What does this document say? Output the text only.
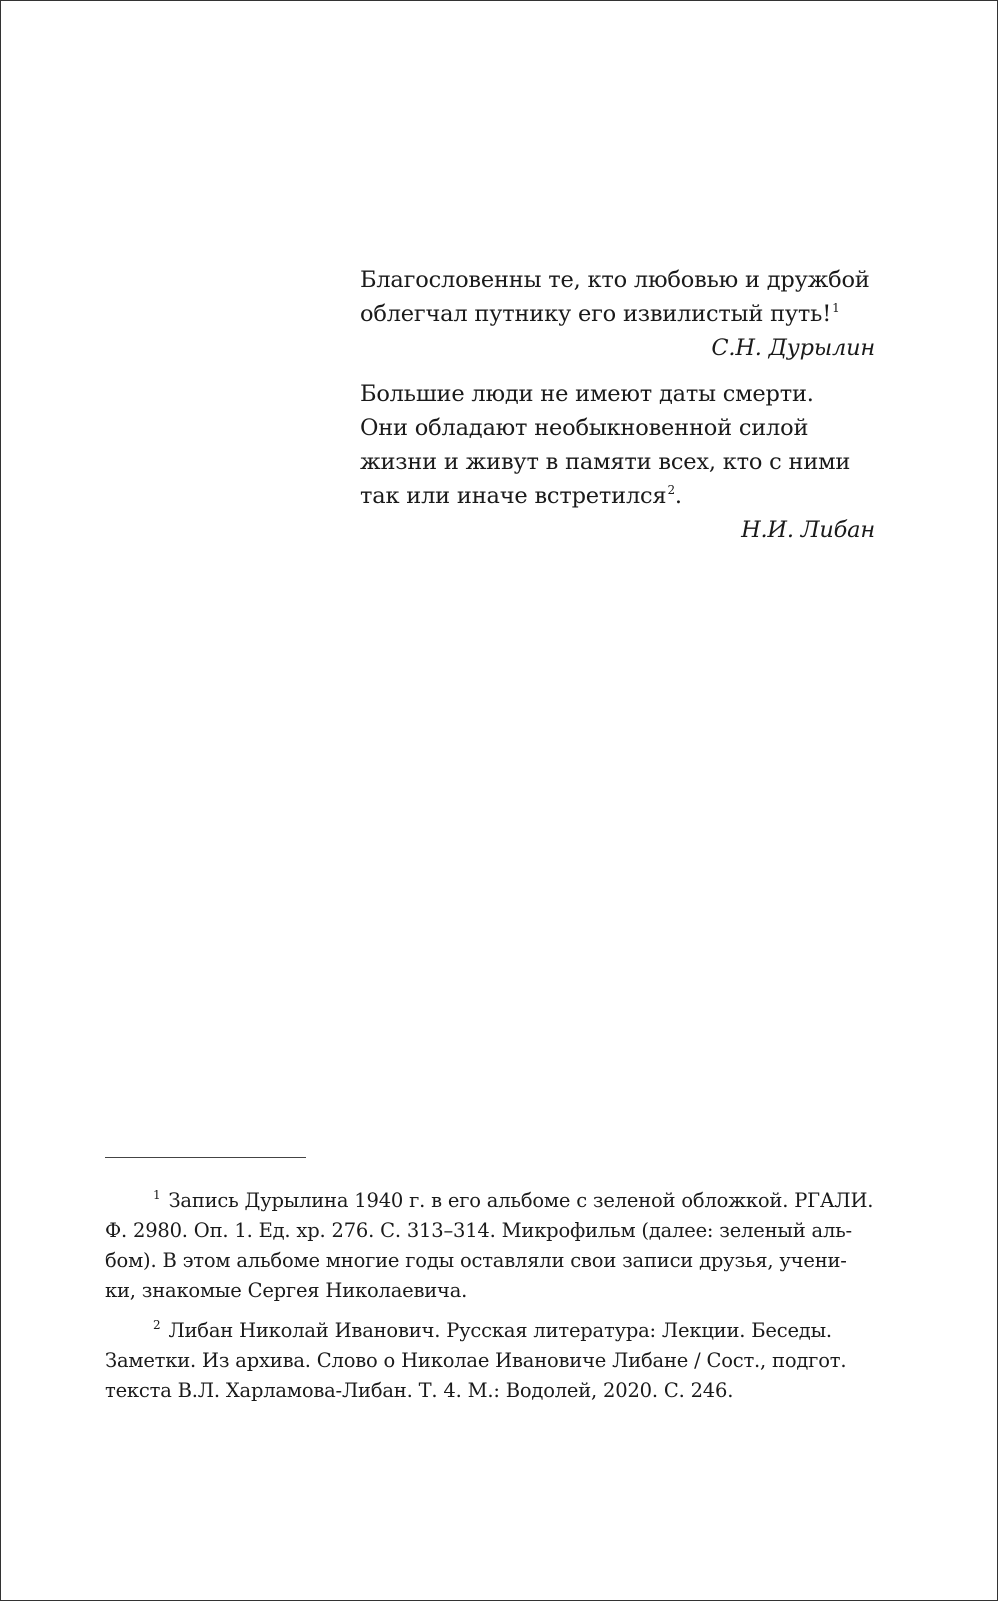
Благословенны те, кто любовью и дружбой
облегчал путнику его извилистый путь!$^1$
С.Н. Дурылин
Большие люди не имеют даты смерти.
Они обладают необыкновенной силой
жизни и живут в памяти всех, кто с ними
так или иначе встретился$^2$.
Н.И. Либан
$^1$ Запись Дурылина 1940 г. в его альбоме с зеленой обложкой. РГАЛИ.
Ф. 2980. Оп. 1. Ед. хр. 276. С. 313–314. Микрофильм (далее: зеленый аль-
бом). В этом альбоме многие годы оставляли свои записи друзья, учени-
ки, знакомые Сергея Николаевича.
$^2$ Либан Николай Иванович. Русская литература: Лекции. Беседы.
Заметки. Из архива. Слово о Николае Ивановиче Либане / Сост., подгот.
текста В.Л. Харламова-Либан. Т. 4. М.: Водолей, 2020. С. 246.
